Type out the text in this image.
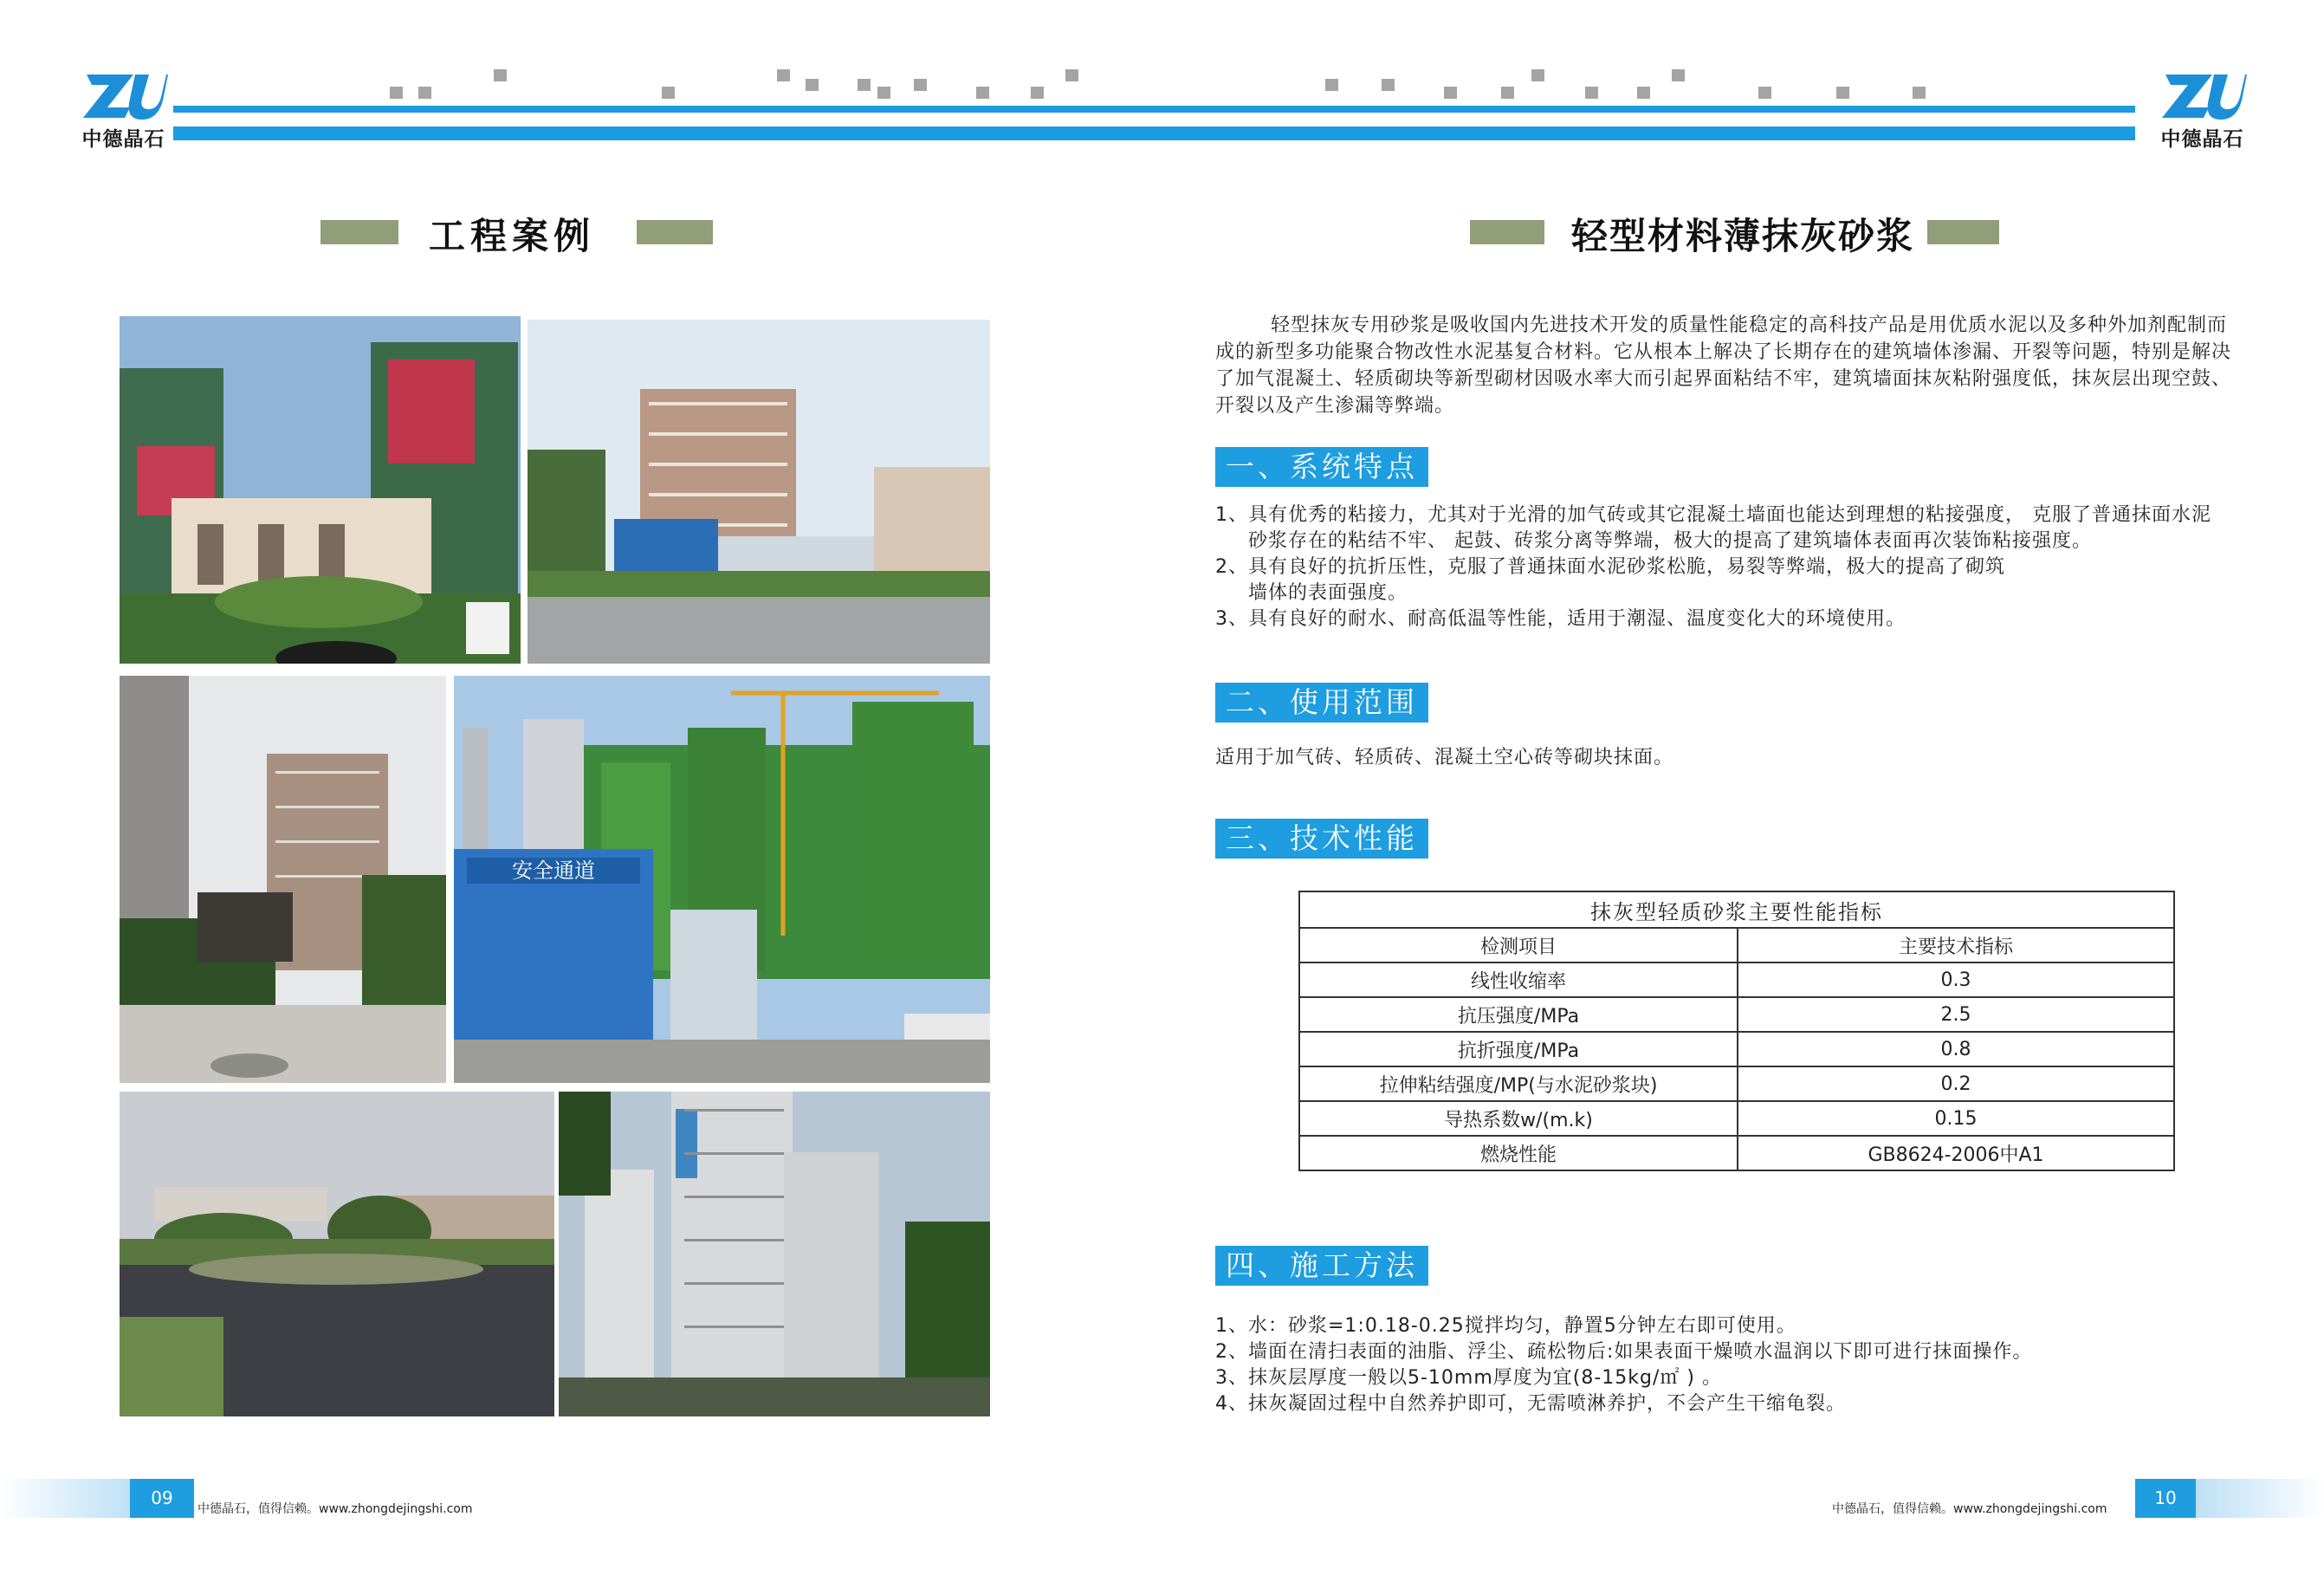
中德晶石	中德晶石
工程案例
安全通道
轻型材料薄抹灰砂浆
轻型抹灰专用砂浆是吸收国内先进技术开发的质量性能稳定的高科技产品是用优质水泥以及多种外加剂配制而
成的新型多功能聚合物改性水泥基复合材料。它从根本上解决了长期存在的建筑墙体渗漏、开裂等问题，特别是解决
了加气混凝土、轻质砌块等新型砌材因吸水率大而引起界面粘结不牢，建筑墙面抹灰粘附强度低，抹灰层出现空鼓、
开裂以及产生渗漏等弊端。
一、系统特点
1、具有优秀的粘接力，尤其对于光滑的加气砖或其它混凝土墙面也能达到理想的粘接强度， 克服了普通抹面水泥
砂浆存在的粘结不牢、 起鼓、砖浆分离等弊端，极大的提高了建筑墙体表面再次装饰粘接强度。
2、具有良好的抗折压性，克服了普通抹面水泥砂浆松脆，易裂等弊端，极大的提高了砌筑
墙体的表面强度。
3、具有良好的耐水、耐高低温等性能，适用于潮湿、温度变化大的环境使用。
二、使用范围
适用于加气砖、轻质砖、混凝土空心砖等砌块抹面。
三、技术性能
抹灰型轻质砂浆主要性能指标	
检测项目	主要技术指标
线性收缩率	0.3
抗压强度/MPa	2.5
抗折强度/MPa	0.8
拉伸粘结强度/MP(与水泥砂浆块)	0.2
导热系数w/(m.k)	0.15
燃烧性能	GB8624-2006中A1
四、施工方法
1、水：砂浆=1:0.18-0.25搅拌均匀，静置5分钟左右即可使用。
2、墙面在清扫表面的油脂、浮尘、疏松物后:如果表面干燥喷水温润以下即可进行抹面操作。
3、抹灰层厚度一般以5-10mm厚度为宜(8-15kg/㎡ ) 。
4、抹灰凝固过程中自然养护即可，无需喷淋养护，不会产生干缩龟裂。
09
中德晶石，值得信赖。www.zhongdejingshi.com	中德晶石，值得信赖。www.zhongdejingshi.com
10
